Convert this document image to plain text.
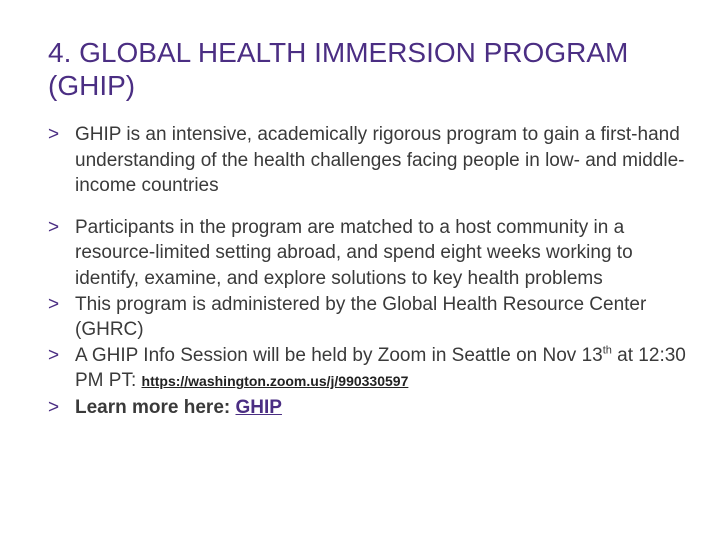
4. GLOBAL HEALTH IMMERSION PROGRAM (GHIP)
> GHIP is an intensive, academically rigorous program to gain a first-hand understanding of the health challenges facing people in low- and middle-income countries
> Participants in the program are matched to a host community in a resource-limited setting abroad, and spend eight weeks working to identify, examine, and explore solutions to key health problems
> This program is administered by the Global Health Resource Center (GHRC)
> A GHIP Info Session will be held by Zoom in Seattle on Nov 13th at 12:30 PM PT: https://washington.zoom.us/j/990330597
> Learn more here: GHIP
